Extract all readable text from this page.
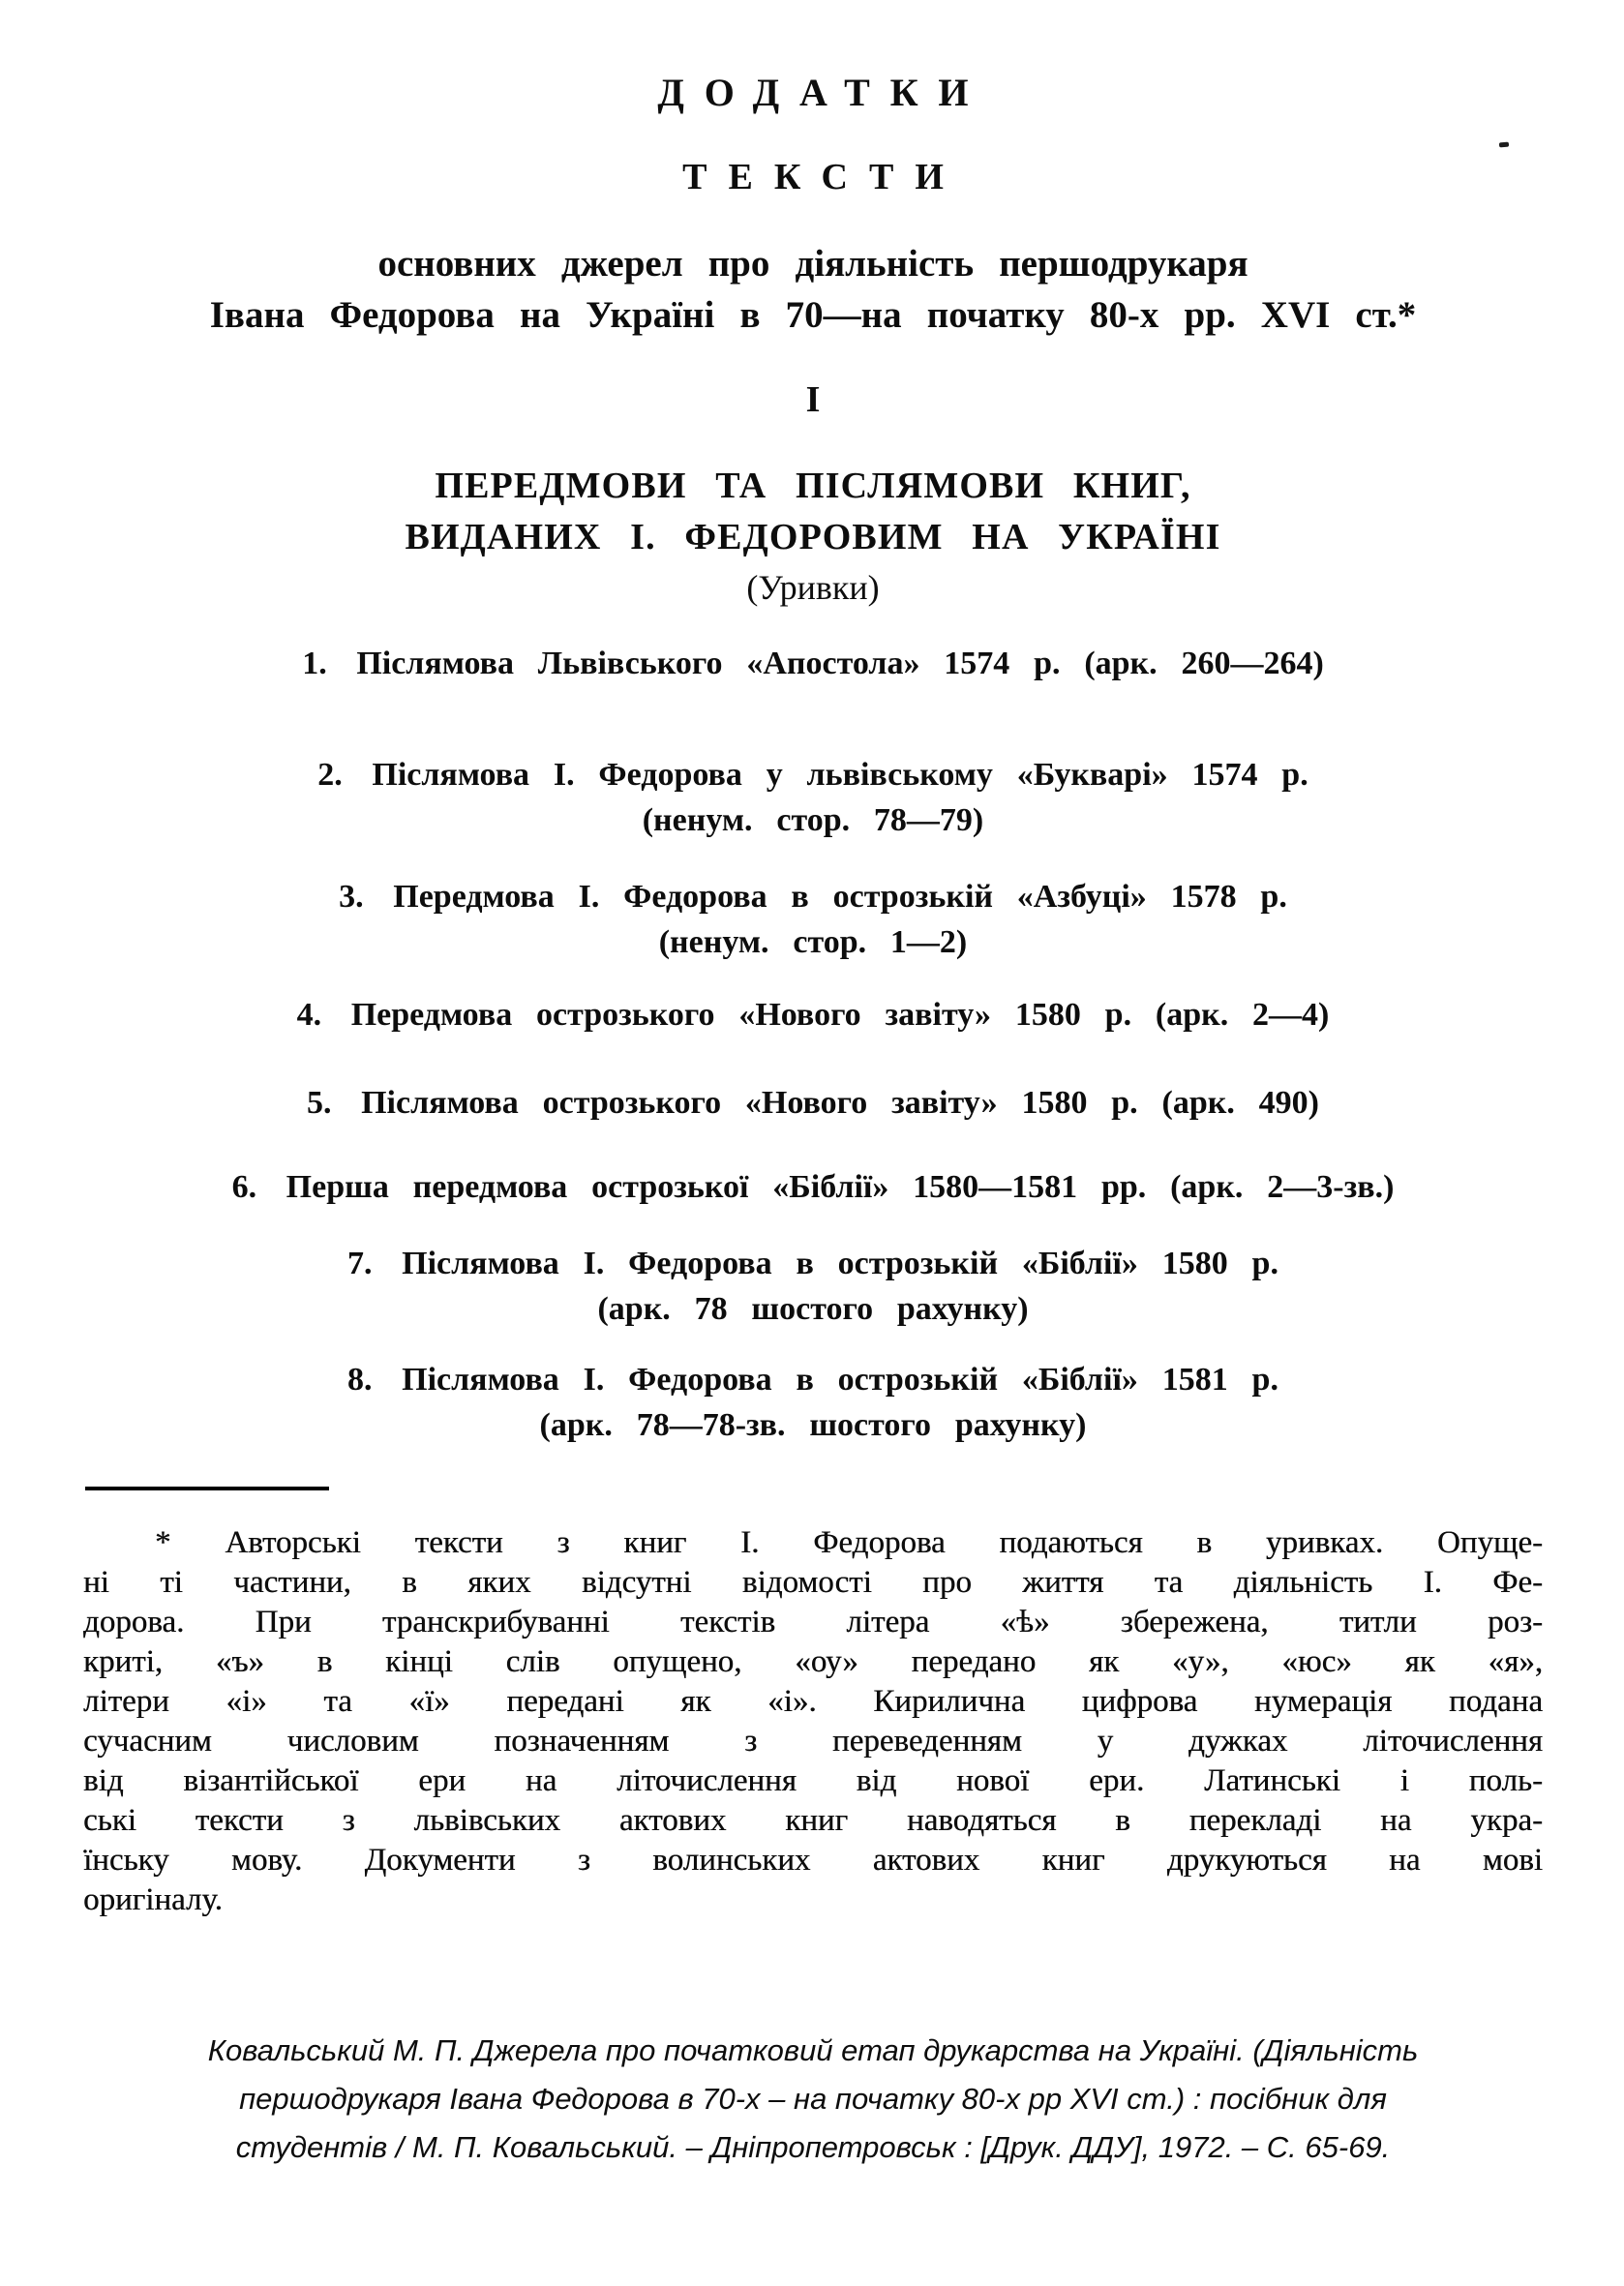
ДОДАТКИ
ТЕКСТИ
основних джерел про діяльність першодрукаря
Івана Федорова на Україні в 70—на початку 80-х рр. XVI ст.*
I
ПЕРЕДМОВИ ТА ПІСЛЯМОВИ КНИГ,
ВИДАНИХ І. ФЕДОРОВИМ НА УКРАЇНІ
(Уривки)
1. Післямова Львівського «Апостола» 1574 р. (арк. 260—264)
2. Післямова І. Федорова у львівському «Букварі» 1574 р.
(ненум. стор. 78—79)
3. Передмова І. Федорова в острозькій «Азбуці» 1578 р.
(ненум. стор. 1—2)
4. Передмова острозького «Нового завіту» 1580 р. (арк. 2—4)
5. Післямова острозького «Нового завіту» 1580 р. (арк. 490)
6. Перша передмова острозької «Біблії» 1580—1581 рр. (арк. 2—3-зв.)
7. Післямова І. Федорова в острозькій «Біблії» 1580 р.
(арк. 78 шостого рахунку)
8. Післямова І. Федорова в острозькій «Біблії» 1581 р.
(арк. 78—78-зв. шостого рахунку)
* Авторські тексти з книг І. Федорова подаються в уривках. Опуще-
ні ті частини, в яких відсутні відомості про життя та діяльність І. Фе-
дорова. При транскрибуванні текстів літера «ѣ» збережена, титли роз-
криті, «ъ» в кінці слів опущено, «оу» передано як «у», «юс» як «я»,
літери «і» та «ї» передані як «і». Кирилична цифрова нумерація подана
сучасним числовим позначенням з переведенням у дужках літочислення
від візантійської ери на літочислення від нової ери. Латинські і поль-
ські тексти з львівських актових книг наводяться в перекладі на укра-
їнську мову. Документи з волинських актових книг друкуються на мові
оригіналу.
Ковальський М. П. Джерела про початковий етап друкарства на Україні. (Діяльність
першодрукаря Івана Федорова в 70-х – на початку 80-х рр XVI ст.) : посібник для
студентів / М. П. Ковальський. – Дніпропетровськ : [Друк. ДДУ], 1972. – С. 65-69.
